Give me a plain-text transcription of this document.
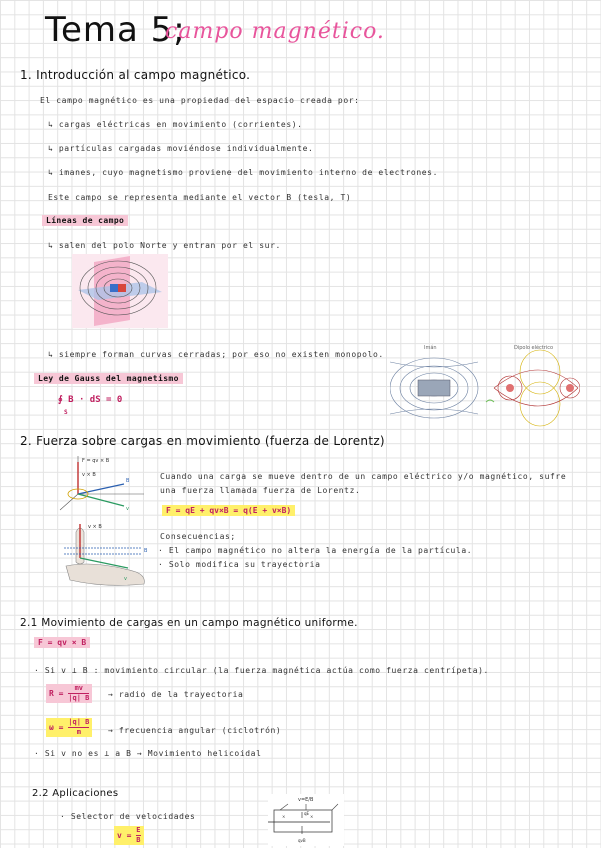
Tema 5;
campo magnético.
1. Introducción al campo magnético.
El campo magnético es una propiedad del espacio creada por:
↳ cargas eléctricas en movimiento (corrientes).
↳ partículas cargadas moviéndose individualmente.
↳ imanes, cuyo magnetismo proviene del movimiento interno de electrones.
Este campo se representa mediante el vector B (tesla, T)
Líneas de campo
↳ salen del polo Norte y entran por el sur.
↳ siempre forman curvas cerradas; por eso no existen monopolo.
Imán	Dipolo eléctrico
Ley de Gauss del magnetismo
∮ B · dS = 0
S
2. Fuerza sobre cargas en movimiento (fuerza de Lorentz)
F = qv × B
v × B
B
v
v × B
B
v
Cuando una carga se mueve dentro de un campo eléctrico y/o magnético, sufre
una fuerza llamada fuerza de Lorentz.
F = qE + qv×B = q(E + v×B)
Consecuencias;
· El campo magnético no altera la energía de la partícula.
· Solo modifica su trayectoria
2.1 Movimiento de cargas en un campo magnético uniforme.
F = qv × B
· Si v ⊥ B : movimiento circular (la fuerza magnética actúa como fuerza centrípeta).
$R = \frac{mv}{|q| B}$ → radio de la trayectoria
$\omega = \frac{|q| B}{m}$ → frecuencia angular (ciclotrón)
· Si v no es ⊥ a B → Movimiento helicoidal
2.2 Aplicaciones
· Selector de velocidades
$v = \frac{E}{B}$
v=E/B
×	×
qE
qvB
